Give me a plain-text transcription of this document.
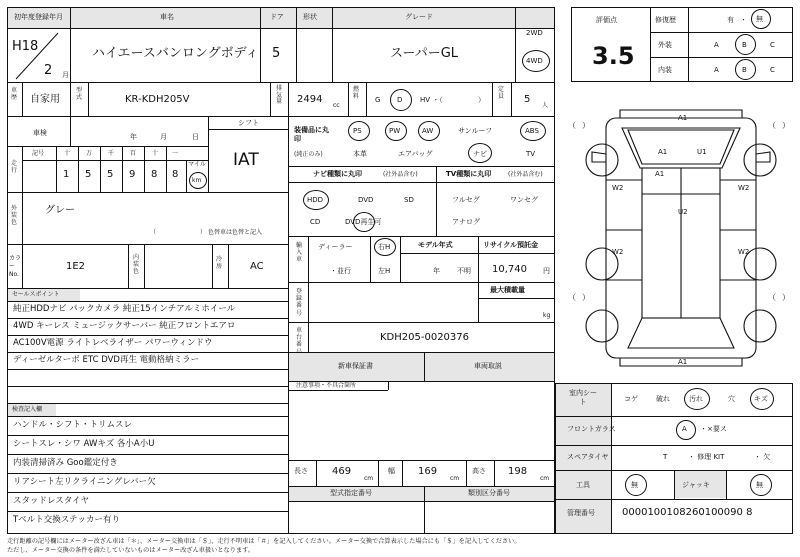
初年度登録年月	車名	ドア	形状	グレード
H18
2 月
ハイエースバンロングボディ 5	スーパーGL
2WD
4WD
車歴 自家用
型式	KR-KDH205V
排気量 2494
cc
燃料 G D	HV ・（	）
定員 5
人
車検	年	月	日
シフト
IAT
走行
記号	十	万	千	百	十 一
1 5 5 9 8 8
マイル
km
外装色
グレー
（	） 色替車は色替と記入
カラーNo.
1E2
内装色
冷房	AC
セールスポイント
純正HDDナビ パックカメラ 純正15インチアルミホイール
4WD キーレス ミュージックサーバー 純正フロントエアロ
AC100V電源 ライトレベライザー パワーウィンドウ
ディーゼルターボ ETC DVD再生 電動格納ミラー
検査記入欄
ハンドル・シフト・トリムスレ
シートスレ・シワ AWキズ 各小A小U
内装清掃済み Goo鑑定付き
リアシート左リクライニングレバー欠
スタッドレスタイヤ
Tベルト交換ステッカー有り
装備品に丸印
(純正のみ)
PS	PW	AW	サンルーフ	ABS
本革	エアバッグ	ナビ	TV
ナビ種類に丸印	(社外品含む)	TV種類に丸印	(社外品含む)
HDD	DVD	SD
CD	DVD再生可
フルセグ	ワンセグ
アナログ
輸入車
ディーラー
・並行
右H
左H
モデル年式
年 不明
リサイクル預託金
10,740 円
登録番号
最大積載量
kg
車台番
KDH205-0020376
新車保証書	車両取説
注意事項・不具合箇所
長さ 469
cm
幅 169
cm
高さ 198
cm
型式指定番号	類別区分番号
評価点
3.5
修復歴	有 ・ 無
外装	A	B	C
内装	A	B	C
A1
A1	U1
A1
W2
U2
W2
W2	W2
A1
（ ）	（ ）
（ ）	（ ）
室内シート	コゲ	破れ	汚れ	穴	キズ
フロントガラス	A ・×要ス
スペアタイヤ	T	・ 修理 KIT	・ 欠
工具	無	ジャッキ	無
管理番号	0000100108260100090 8
走行距離の記号欄にはメーター改ざん車は「＊」、メーター交換車は「＄」、走行不明車は「＃」を記入してください。メーター交換で合算表示した場合にも「＄」を記入してください。
ただし、メーター交換の条件を満たしていないものはメーター改ざん車扱いとなります。
